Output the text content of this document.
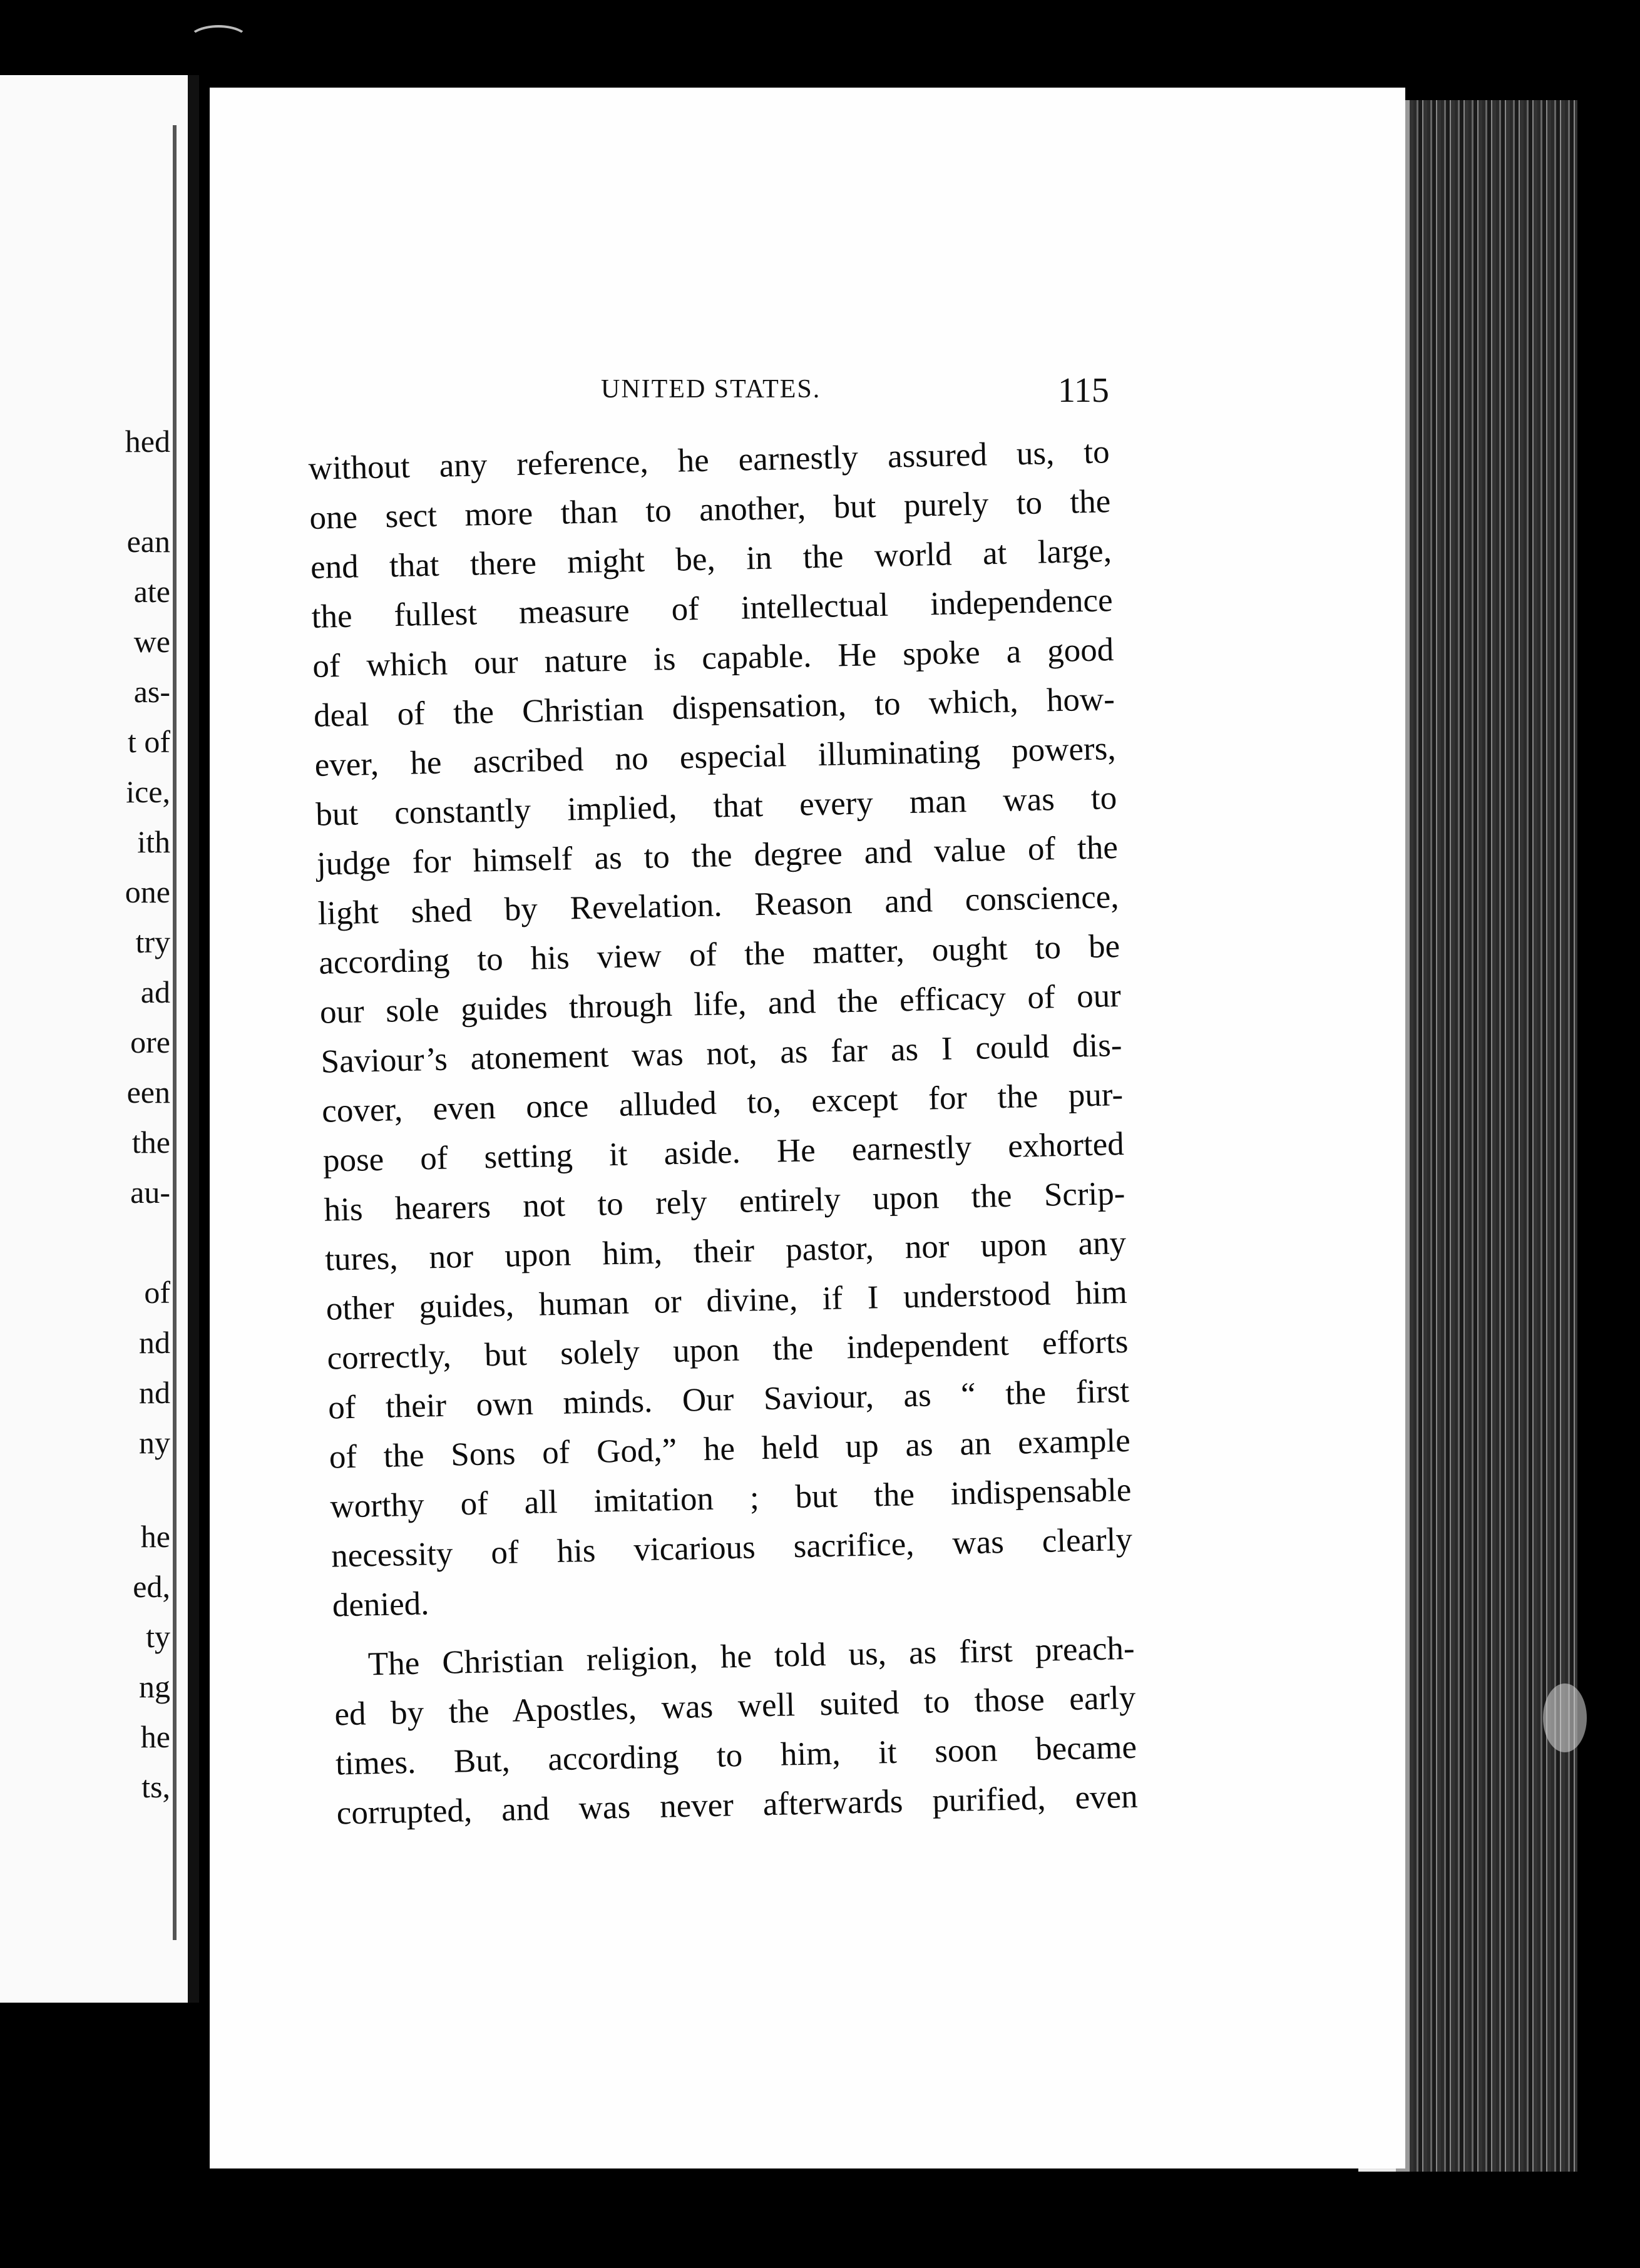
hed
ean
ate
we
as-
t of
ice,
ith
one
try
ad
ore
een
the
au-
of
nd
nd
ny
he
ed,
ty
ng
he
ts,
UNITED STATES.	115
without any reference, he earnestly assured us, to
one sect more than to another, but purely to the
end that there might be, in the world at large,
the fullest measure of intellectual independence
of which our nature is capable. He spoke a good
deal of the Christian dispensation, to which, how-
ever, he ascribed no especial illuminating powers,
but constantly implied, that every man was to
judge for himself as to the degree and value of the
light shed by Revelation. Reason and conscience,
according to his view of the matter, ought to be
our sole guides through life, and the efficacy of our
Saviour’s atonement was not, as far as I could dis-
cover, even once alluded to, except for the pur-
pose of setting it aside. He earnestly exhorted
his hearers not to rely entirely upon the Scrip-
tures, nor upon him, their pastor, nor upon any
other guides, human or divine, if I understood him
correctly, but solely upon the independent efforts
of their own minds. Our Saviour, as “ the first
of the Sons of God,” he held up as an example
worthy of all imitation ; but the indispensable
necessity of his vicarious sacrifice, was clearly
denied.
The Christian religion, he told us, as first preach-
ed by the Apostles, was well suited to those early
times. But, according to him, it soon became
corrupted, and was never afterwards purified, even
